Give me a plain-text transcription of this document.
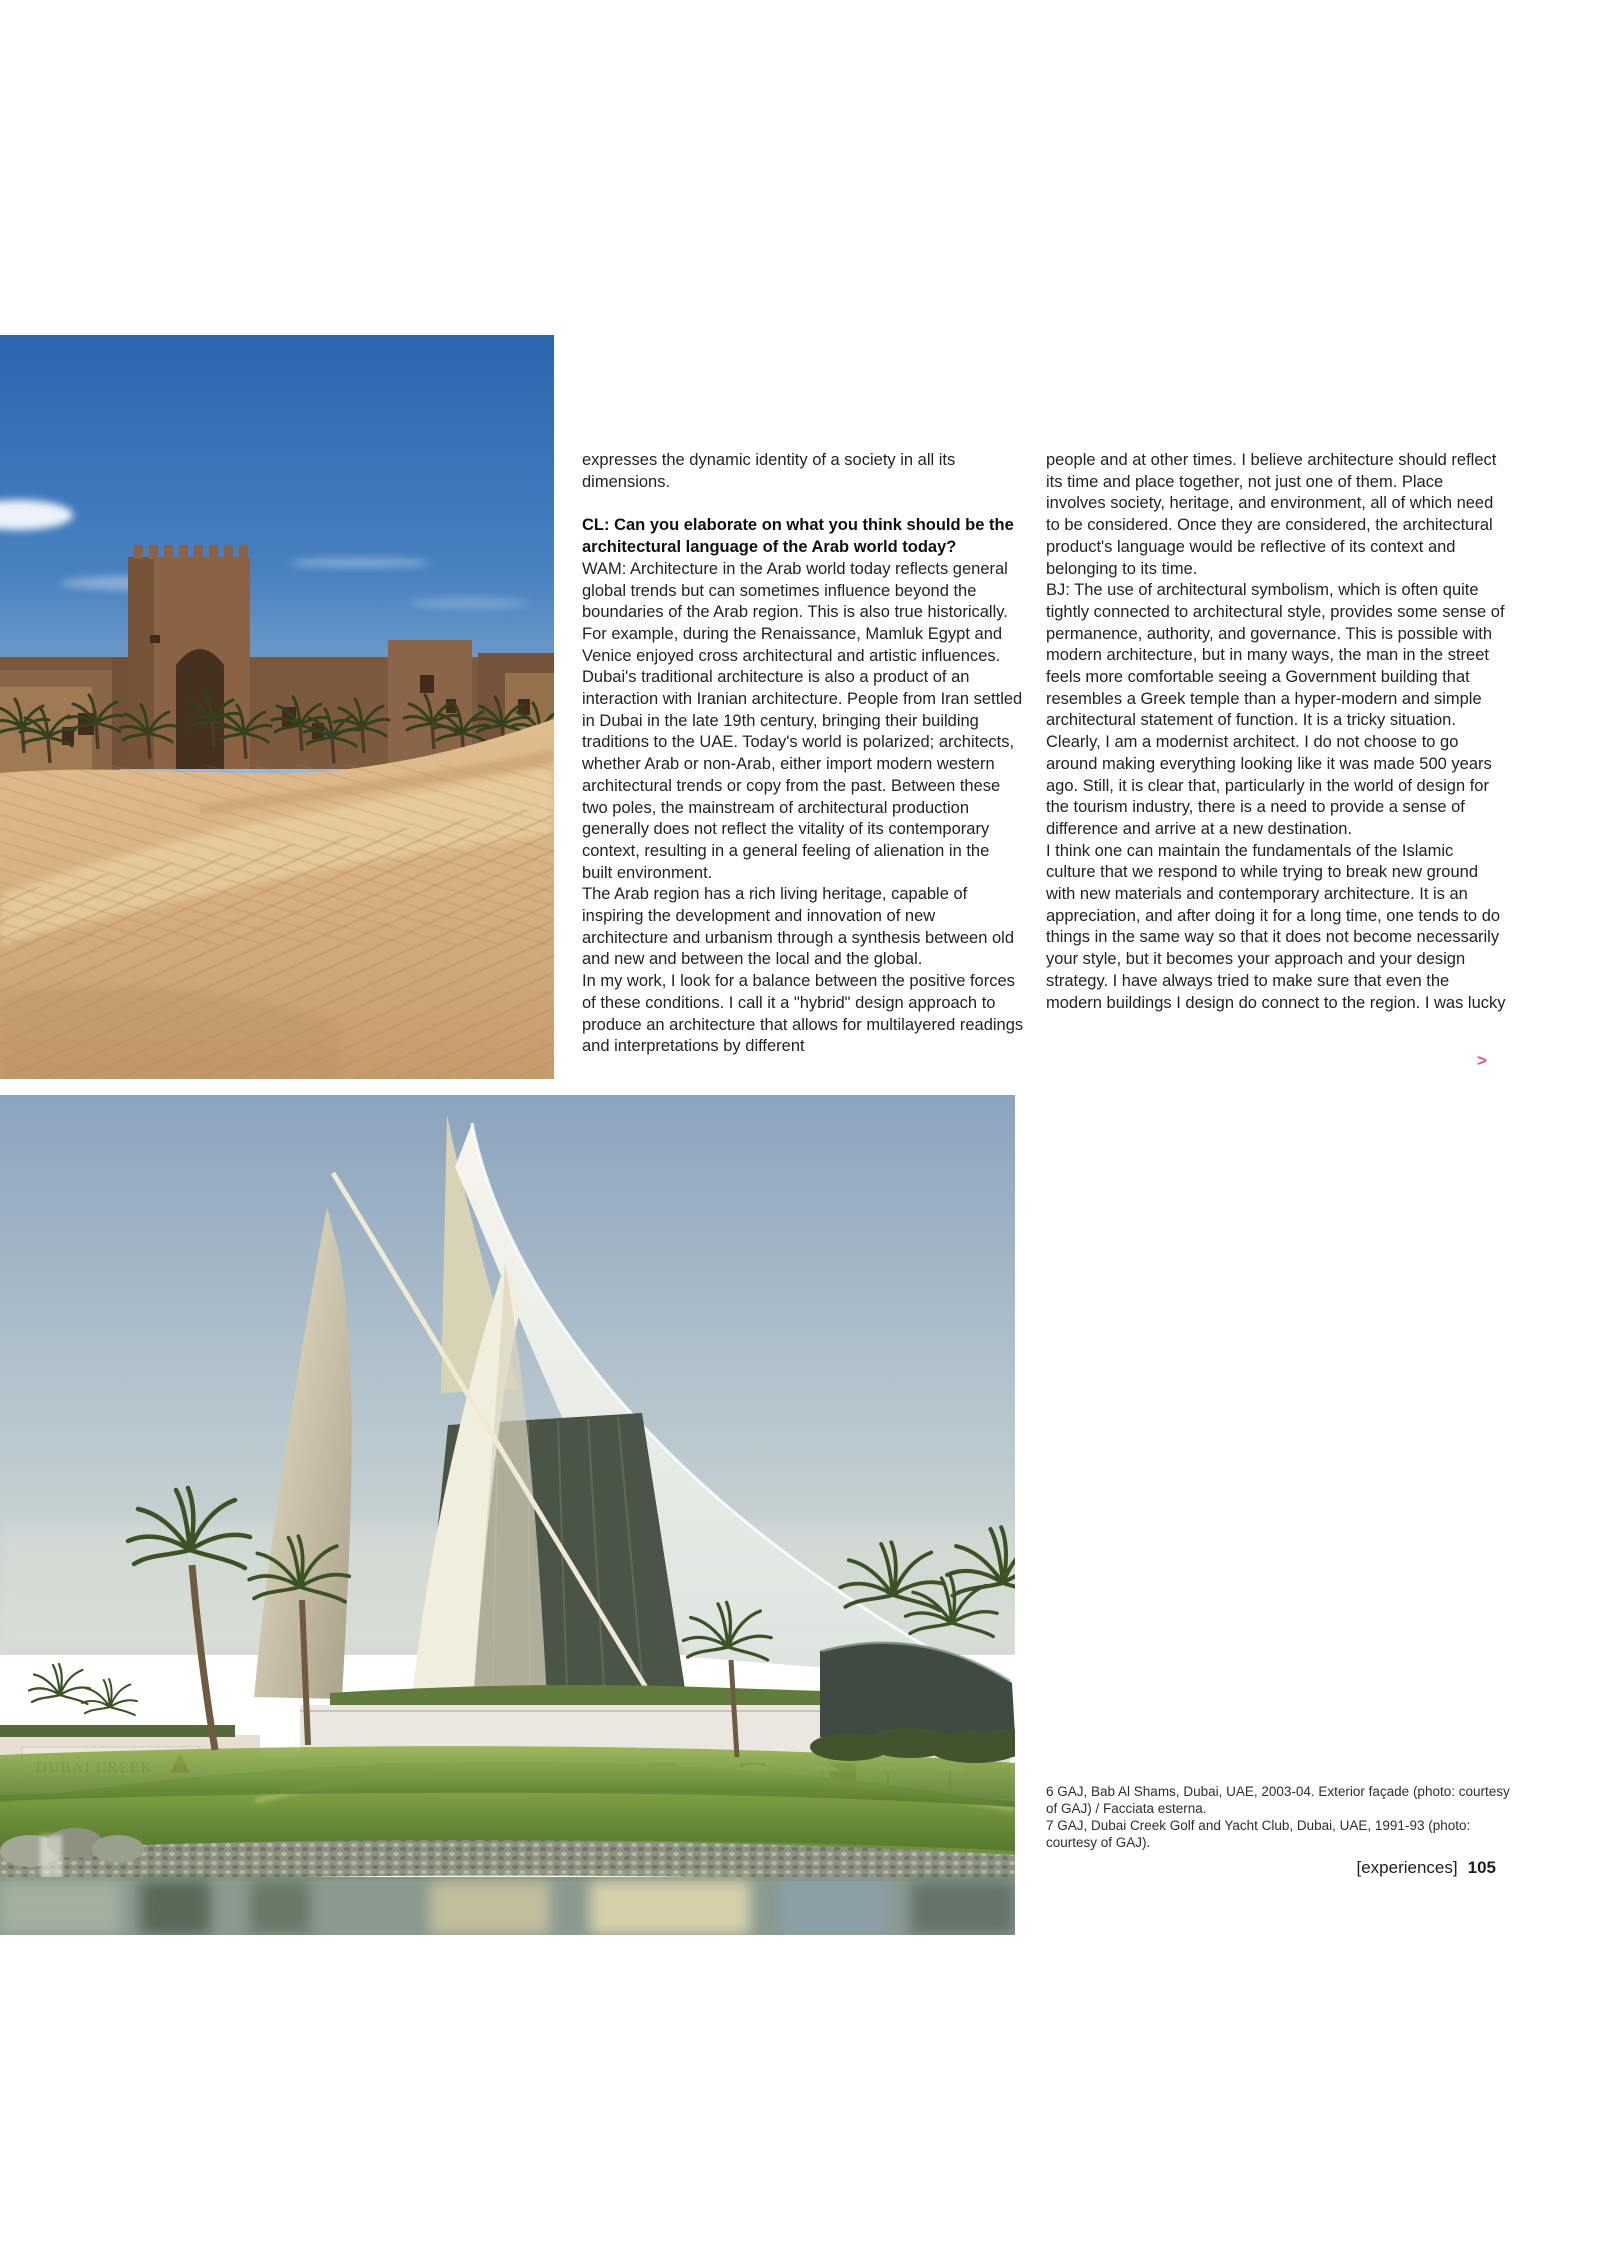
expresses the dynamic identity of a society in all its dimensions.

CL: Can you elaborate on what you think should be the architectural language of the Arab world today?

WAM: Architecture in the Arab world today reflects general global trends but can sometimes influence beyond the boundaries of the Arab region. This is also true historically. For example, during the Renaissance, Mamluk Egypt and Venice enjoyed cross architectural and artistic influences. Dubai's traditional architecture is also a product of an interaction with Iranian architecture. People from Iran settled in Dubai in the late 19th century, bringing their building traditions to the UAE. Today's world is polarized; architects, whether Arab or non-Arab, either import modern western architectural trends or copy from the past. Between these two poles, the mainstream of architectural production generally does not reflect the vitality of its contemporary context, resulting in a general feeling of alienation in the built environment.

The Arab region has a rich living heritage, capable of inspiring the development and innovation of new architecture and urbanism through a synthesis between old and new and between the local and the global.

In my work, I look for a balance between the positive forces of these conditions. I call it a "hybrid" design approach to produce an architecture that allows for multilayered readings and interpretations by different

people and at other times. I believe architecture should reflect its time and place together, not just one of them. Place involves society, heritage, and environment, all of which need to be considered. Once they are considered, the architectural product's language would be reflective of its context and belonging to its time.

BJ: The use of architectural symbolism, which is often quite tightly connected to architectural style, provides some sense of permanence, authority, and governance. This is possible with modern architecture, but in many ways, the man in the street feels more comfortable seeing a Government building that resembles a Greek temple than a hyper-modern and simple architectural statement of function. It is a tricky situation. Clearly, I am a modernist architect. I do not choose to go around making everything looking like it was made 500 years ago. Still, it is clear that, particularly in the world of design for the tourism industry, there is a need to provide a sense of difference and arrive at a new destination.

I think one can maintain the fundamentals of the Islamic culture that we respond to while trying to break new ground with new materials and contemporary architecture. It is an appreciation, and after doing it for a long time, one tends to do things in the same way so that it does not become necessarily your style, but it becomes your approach and your design strategy. I have always tried to make sure that even the modern buildings I design do connect to the region. I was lucky

>

6 GAJ, Bab Al Shams, Dubai, UAE, 2003-04. Exterior façade (photo: courtesy of GAJ) / Facciata esterna.

7 GAJ, Dubai Creek Golf and Yacht Club, Dubai, UAE, 1991-93 (photo: courtesy of GAJ).

[experiences] 105
